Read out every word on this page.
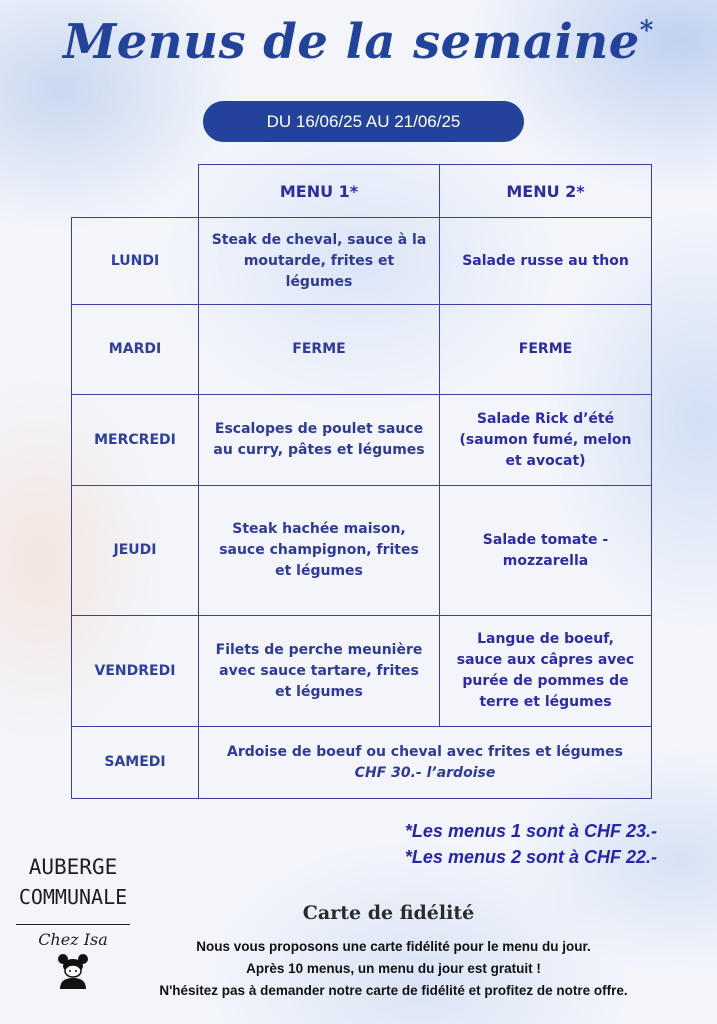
Menus de la semaine*
DU 16/06/25 AU 21/06/25
	MENU 1*	MENU 2*
LUNDI	Steak de cheval, sauce à la moutarde, frites et légumes	Salade russe au thon
MARDI	FERME	FERME
MERCREDI	Escalopes de poulet sauce au curry, pâtes et légumes	Salade Rick d’été (saumon fumé, melon et avocat)
JEUDI	Steak hachée maison, sauce champignon, frites et légumes	Salade tomate - mozzarella
VENDREDI	Filets de perche meunière avec sauce tartare, frites et légumes	Langue de boeuf, sauce aux câpres avec purée de pommes de terre et légumes
SAMEDI	Ardoise de boeuf ou cheval avec frites et légumes
CHF 30.- l’ardoise	
*Les menus 1 sont à CHF 23.-
*Les menus 2 sont à CHF 22.-
AUBERGE
COMMUNALE
Chez Isa
Carte de fidélité
Nous vous proposons une carte fidélité pour le menu du jour.
Après 10 menus, un menu du jour est gratuit !
N'hésitez pas à demander notre carte de fidélité et profitez de notre offre.
